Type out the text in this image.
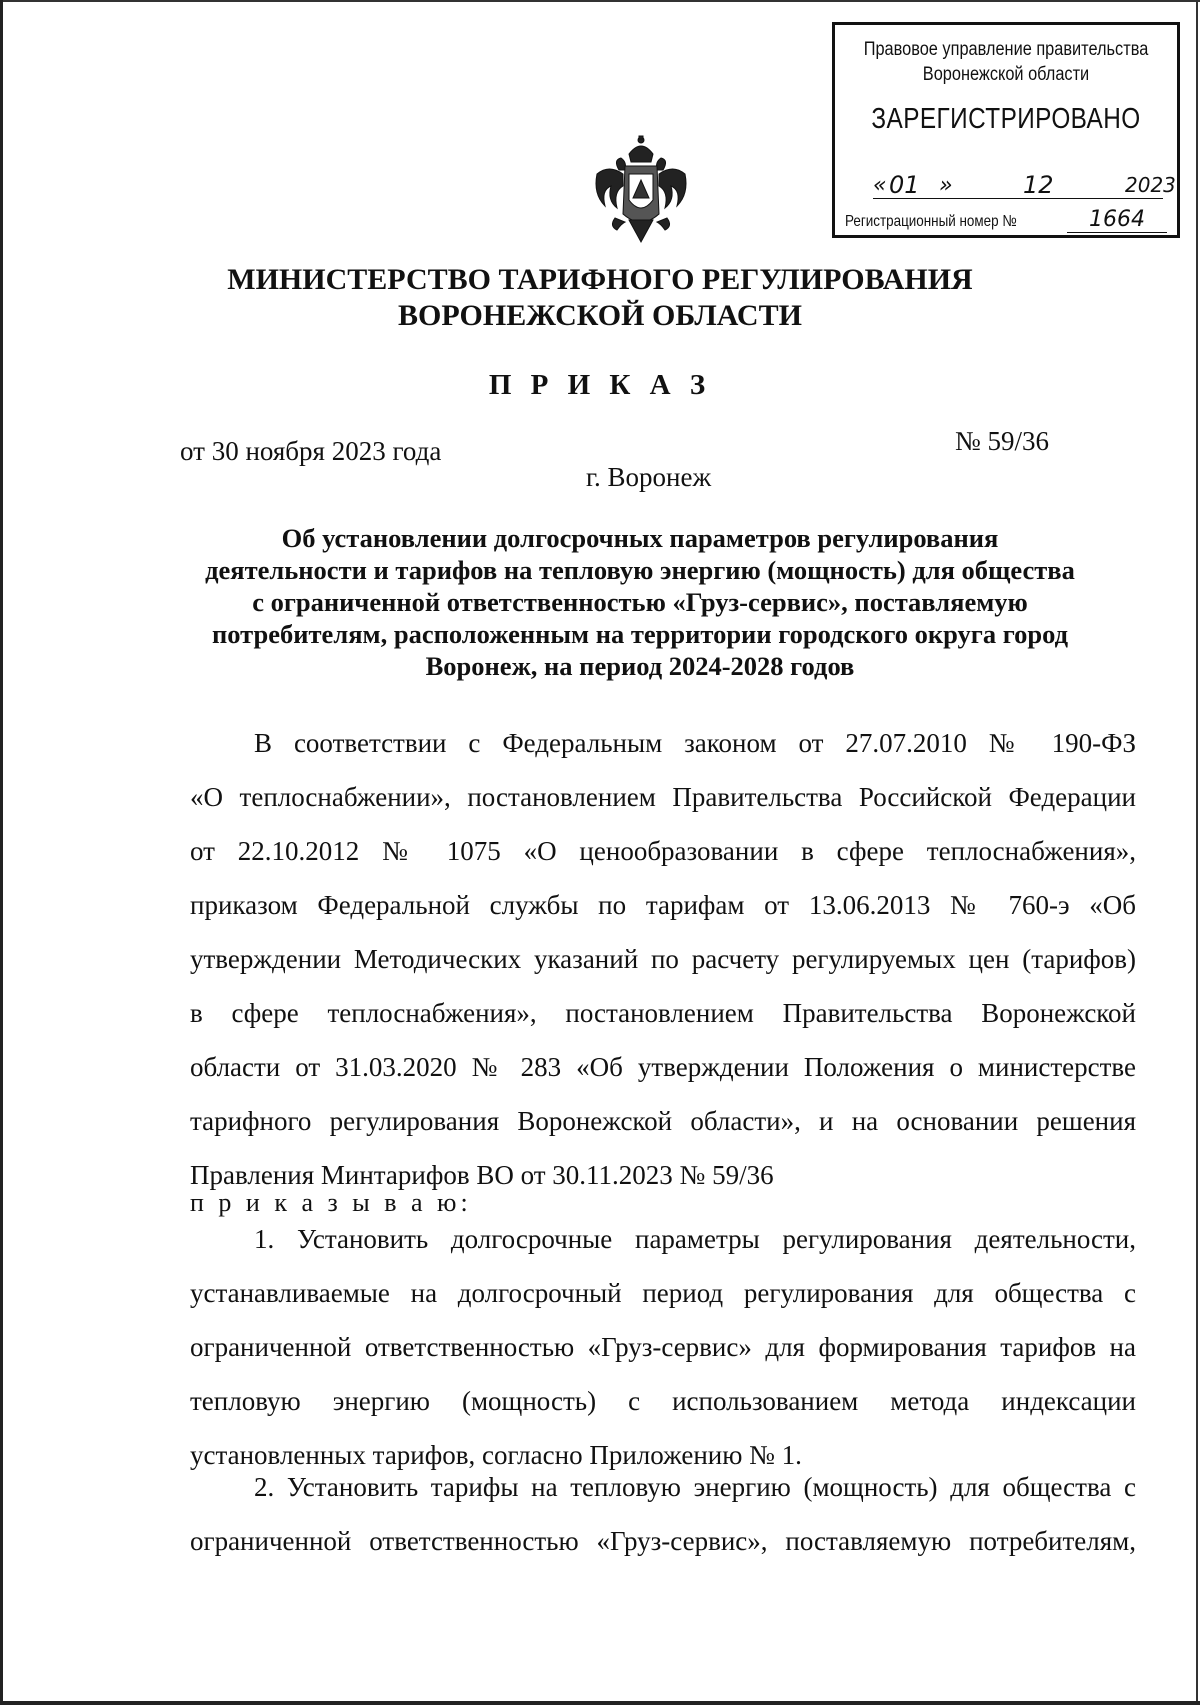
Правовое управление правительства
Воронежской области
ЗАРЕГИСТРИРОВАНО
« 01 »	12	2023.
Регистрационный номер №	1664
МИНИСТЕРСТВО ТАРИФНОГО РЕГУЛИРОВАНИЯ
ВОРОНЕЖСКОЙ ОБЛАСТИ
П Р И К А З
от 30 ноября 2023 года	№ 59/36
г. Воронеж
Об установлении долгосрочных параметров регулирования
деятельности и тарифов на тепловую энергию (мощность) для общества
с ограниченной ответственностью «Груз-сервис», поставляемую
потребителям, расположенным на территории городского округа город
Воронеж, на период 2024-2028 годов
В соответствии с Федеральным законом от 27.07.2010 № 190-ФЗ
«О теплоснабжении», постановлением Правительства Российской Федерации
от 22.10.2012 № 1075 «О ценообразовании в сфере теплоснабжения»,
приказом Федеральной службы по тарифам от 13.06.2013 № 760-э «Об
утверждении Методических указаний по расчету регулируемых цен (тарифов)
в сфере теплоснабжения», постановлением Правительства Воронежской
области от 31.03.2020 № 283 «Об утверждении Положения о министерстве
тарифного регулирования Воронежской области», и на основании решения
Правления Минтарифов ВО от 30.11.2023 № 59/36
п р и к а з ы в а ю:
1. Установить долгосрочные параметры регулирования деятельности,
устанавливаемые на долгосрочный период регулирования для общества с
ограниченной ответственностью «Груз-сервис» для формирования тарифов на
тепловую энергию (мощность) с использованием метода индексации
установленных тарифов, согласно Приложению № 1.
2. Установить тарифы на тепловую энергию (мощность) для общества с
ограниченной ответственностью «Груз-сервис», поставляемую потребителям,
